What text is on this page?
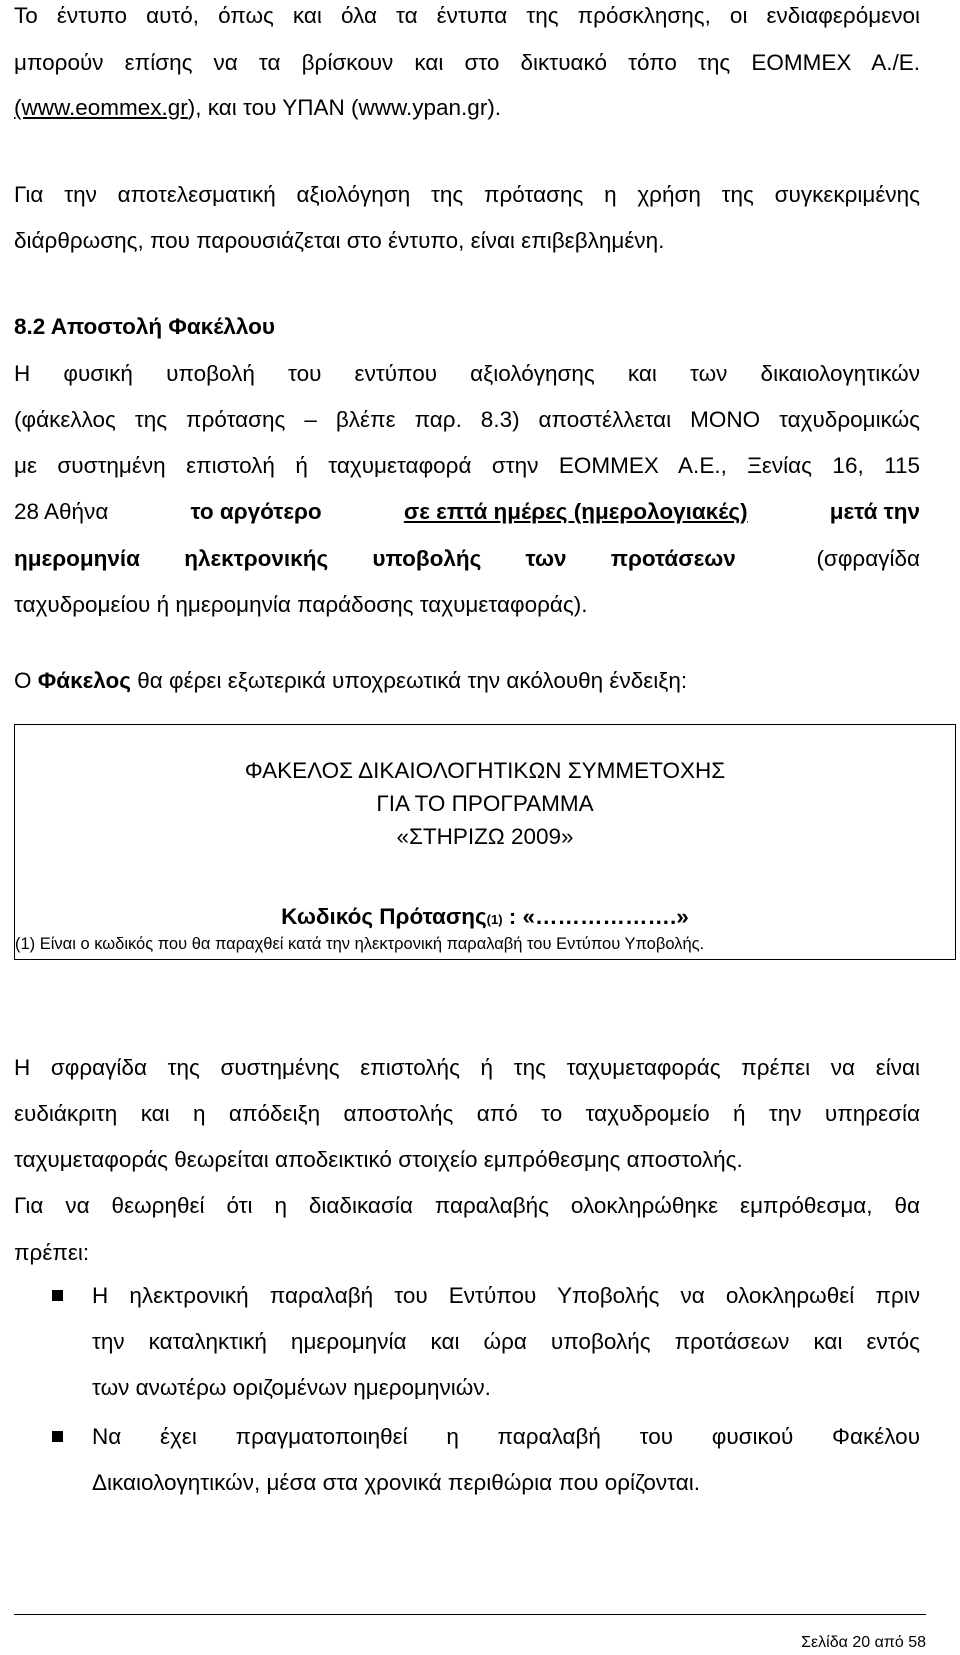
Το έντυπο αυτό, όπως και όλα τα έντυπα της πρόσκλησης, οι ενδιαφερόμενοι
μπορούν επίσης να τα βρίσκουν και στο δικτυακό τόπο της ΕΟΜΜΕΧ Α./Ε.
(www.eommex.gr), και του ΥΠΑΝ (www.ypan.gr).
Για την αποτελεσματική αξιολόγηση της πρότασης η χρήση της συγκεκριμένης
διάρθρωσης, που παρουσιάζεται στο έντυπο, είναι επιβεβλημένη.
8.2 Αποστολή Φακέλλου
Η φυσική υποβολή του εντύπου αξιολόγησης και των δικαιολογητικών
(φάκελλος της πρότασης – βλέπε παρ. 8.3) αποστέλλεται ΜΟΝΟ ταχυδρομικώς
με συστημένη επιστολή ή ταχυμεταφορά στην ΕΟΜΜΕΧ Α.Ε., Ξενίας 16, 115
28 Αθήνα	το αργότερο	σε επτά ημέρες (ημερολογιακές)	μετά την
ημερομηνία ηλεκτρονικής υποβολής των προτάσεων	(σφραγίδα
ταχυδρομείου ή ημερομηνία παράδοσης ταχυμεταφοράς).
Ο Φάκελος θα φέρει εξωτερικά υποχρεωτικά την ακόλουθη ένδειξη:
ΦΑΚΕΛΟΣ ΔΙΚΑΙΟΛΟΓΗΤΙΚΩΝ ΣΥΜΜΕΤΟΧΗΣ
ΓΙΑ ΤΟ ΠΡΟΓΡΑΜΜΑ
«ΣΤΗΡΙΖΩ 2009»
Κωδικός Πρότασης(1) : «……………….»
(1) Είναι ο κωδικός που θα παραχθεί κατά την ηλεκτρονική παραλαβή του Εντύπου Υποβολής.
Η σφραγίδα της συστημένης επιστολής ή της ταχυμεταφοράς πρέπει να είναι
ευδιάκριτη και η απόδειξη αποστολής από το ταχυδρομείο ή την υπηρεσία
ταχυμεταφοράς θεωρείται αποδεικτικό στοιχείο εμπρόθεσμης αποστολής.
Για να θεωρηθεί ότι η διαδικασία παραλαβής ολοκληρώθηκε εμπρόθεσμα, θα
πρέπει:
Η ηλεκτρονική παραλαβή του Εντύπου Υποβολής να ολοκληρωθεί πριν
την καταληκτική ημερομηνία και ώρα υποβολής προτάσεων και εντός
των ανωτέρω οριζομένων ημερομηνιών.
Να έχει πραγματοποιηθεί η παραλαβή του φυσικού Φακέλου
Δικαιολογητικών, μέσα στα χρονικά περιθώρια που ορίζονται.
Σελίδα 20 από 58
